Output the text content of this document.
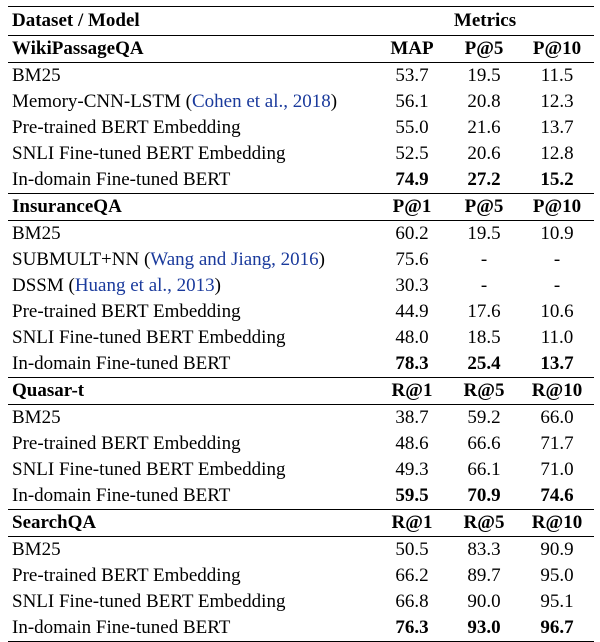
Dataset / Model	Metrics		
WikiPassageQA	MAP	P@5	P@10
BM25	53.7	19.5	11.5
Memory-CNN-LSTM (Cohen et al., 2018)	56.1	20.8	12.3
Pre-trained BERT Embedding	55.0	21.6	13.7
SNLI Fine-tuned BERT Embedding	52.5	20.6	12.8
In-domain Fine-tuned BERT	74.9	27.2	15.2
InsuranceQA	P@1	P@5	P@10
BM25	60.2	19.5	10.9
SUBMULT+NN (Wang and Jiang, 2016)	75.6	-	-
DSSM (Huang et al., 2013)	30.3	-	-
Pre-trained BERT Embedding	44.9	17.6	10.6
SNLI Fine-tuned BERT Embedding	48.0	18.5	11.0
In-domain Fine-tuned BERT	78.3	25.4	13.7
Quasar-t	R@1	R@5	R@10
BM25	38.7	59.2	66.0
Pre-trained BERT Embedding	48.6	66.6	71.7
SNLI Fine-tuned BERT Embedding	49.3	66.1	71.0
In-domain Fine-tuned BERT	59.5	70.9	74.6
SearchQA	R@1	R@5	R@10
BM25	50.5	83.3	90.9
Pre-trained BERT Embedding	66.2	89.7	95.0
SNLI Fine-tuned BERT Embedding	66.8	90.0	95.1
In-domain Fine-tuned BERT	76.3	93.0	96.7
